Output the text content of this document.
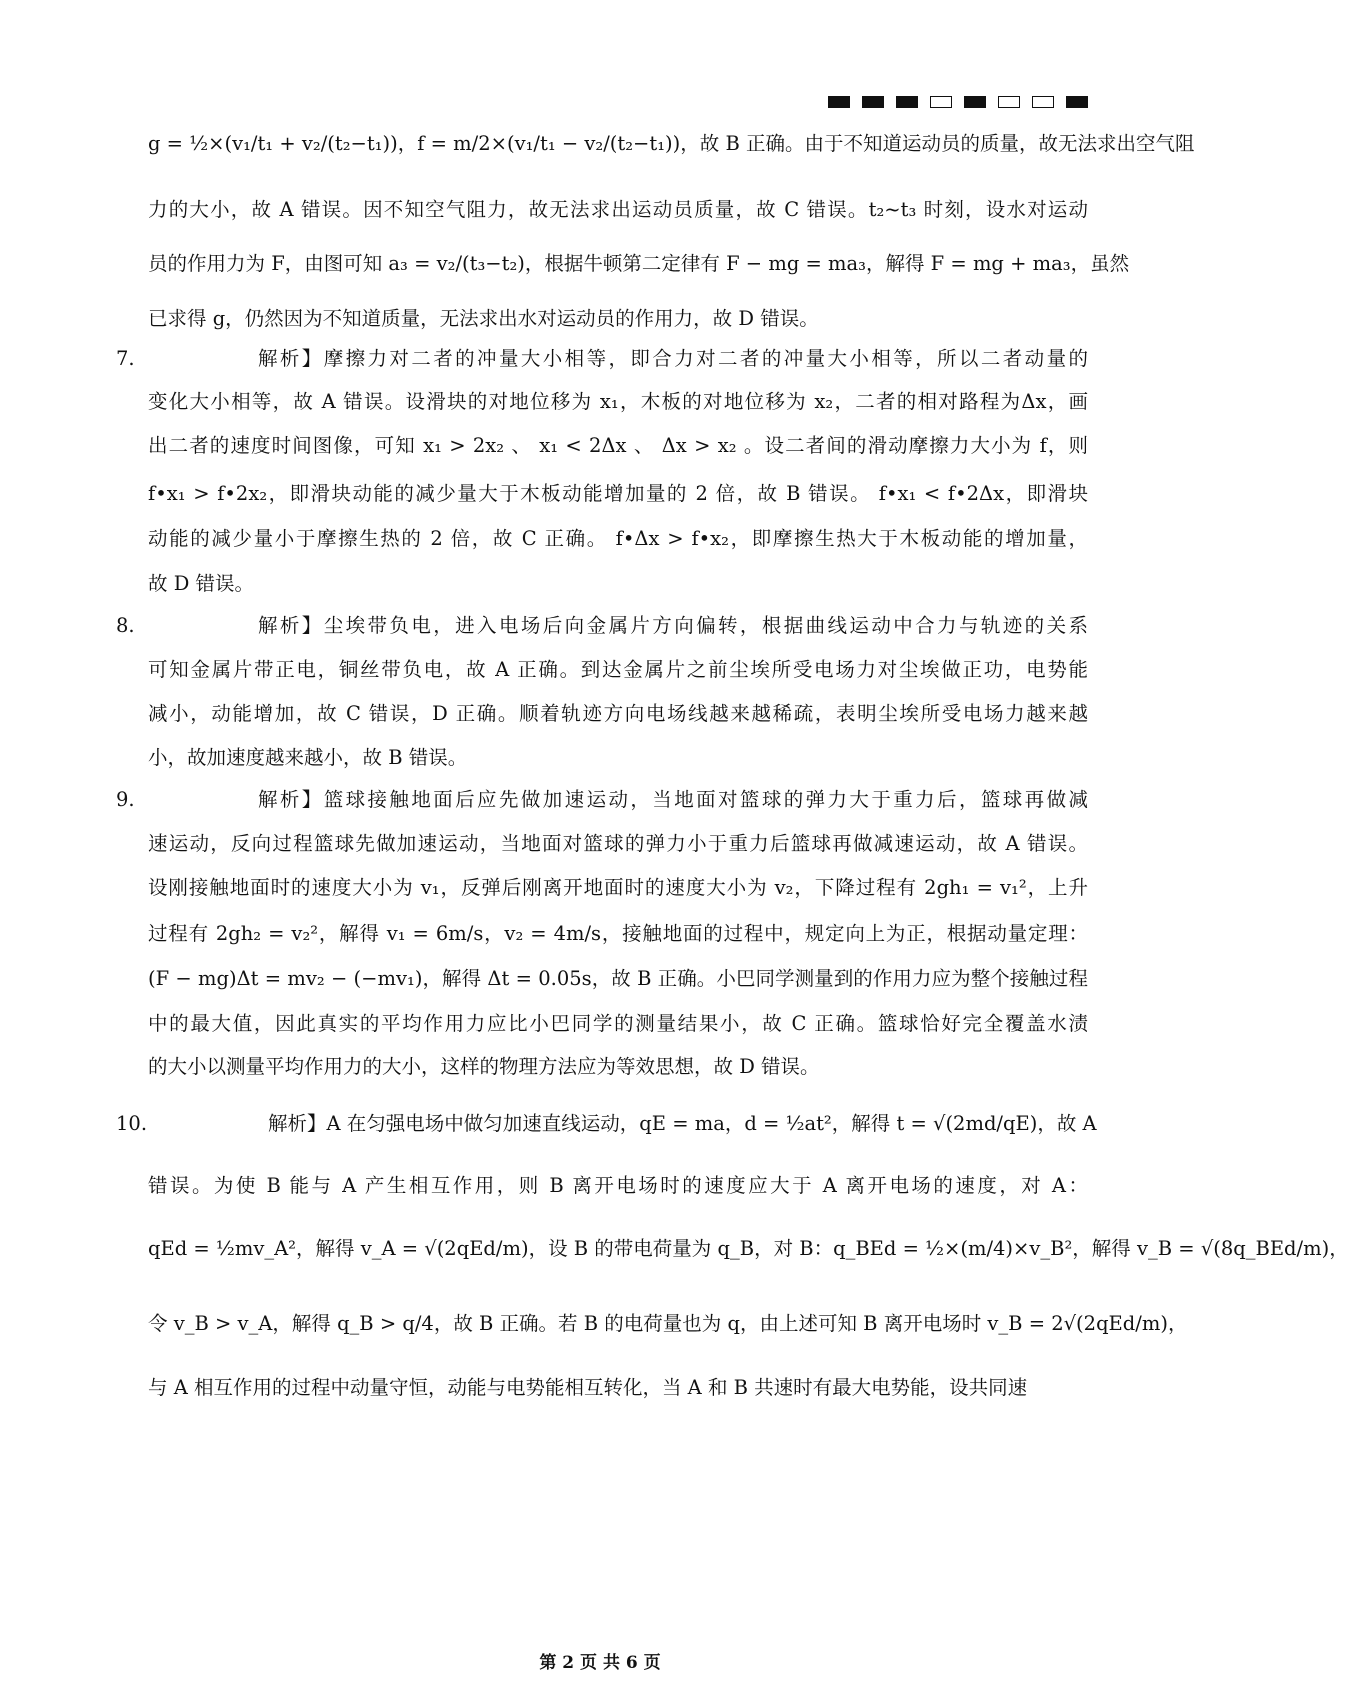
g = ½×(v₁/t₁ + v₂/(t₂−t₁))，f = m/2×(v₁/t₁ − v₂/(t₂−t₁))，故 B 正确。由于不知道运动员的质量，故无法求出空气阻
力的大小，故 A 错误。因不知空气阻力，故无法求出运动员质量，故 C 错误。t₂~t₃ 时刻，设水对运动
员的作用力为 F，由图可知 a₃ = v₂/(t₃−t₂)，根据牛顿第二定律有 F − mg = ma₃，解得 F = mg + ma₃，虽然
已求得 g，仍然因为不知道质量，无法求出水对运动员的作用力，故 D 错误。
7.	解析】摩擦力对二者的冲量大小相等，即合力对二者的冲量大小相等，所以二者动量的
变化大小相等，故 A 错误。设滑块的对地位移为 x₁，木板的对地位移为 x₂，二者的相对路程为Δx，画
出二者的速度时间图像，可知 x₁ > 2x₂ 、 x₁ < 2Δx 、 Δx > x₂ 。设二者间的滑动摩擦力大小为 f，则
f•x₁ > f•2x₂，即滑块动能的减少量大于木板动能增加量的 2 倍，故 B 错误。 f•x₁ < f•2Δx，即滑块
动能的减少量小于摩擦生热的 2 倍，故 C 正确。 f•Δx > f•x₂，即摩擦生热大于木板动能的增加量，
故 D 错误。
8.	解析】尘埃带负电，进入电场后向金属片方向偏转，根据曲线运动中合力与轨迹的关系
可知金属片带正电，铜丝带负电，故 A 正确。到达金属片之前尘埃所受电场力对尘埃做正功，电势能
减小，动能增加，故 C 错误，D 正确。顺着轨迹方向电场线越来越稀疏，表明尘埃所受电场力越来越
小，故加速度越来越小，故 B 错误。
9.	解析】篮球接触地面后应先做加速运动，当地面对篮球的弹力大于重力后，篮球再做减
速运动，反向过程篮球先做加速运动，当地面对篮球的弹力小于重力后篮球再做减速运动，故 A 错误。
设刚接触地面时的速度大小为 v₁，反弹后刚离开地面时的速度大小为 v₂，下降过程有 2gh₁ = v₁²，上升
过程有 2gh₂ = v₂²，解得 v₁ = 6m/s，v₂ = 4m/s，接触地面的过程中，规定向上为正，根据动量定理：
(F − mg)Δt = mv₂ − (−mv₁)，解得 Δt = 0.05s，故 B 正确。小巴同学测量到的作用力应为整个接触过程
中的最大值，因此真实的平均作用力应比小巴同学的测量结果小，故 C 正确。篮球恰好完全覆盖水渍
的大小以测量平均作用力的大小，这样的物理方法应为等效思想，故 D 错误。
10.	解析】A 在匀强电场中做匀加速直线运动，qE = ma，d = ½at²，解得 t = √(2md/qE)，故 A
错误。为使 B 能与 A 产生相互作用，则 B 离开电场时的速度应大于 A 离开电场的速度，对 A：
qEd = ½mv_A²，解得 v_A = √(2qEd/m)，设 B 的带电荷量为 q_B，对 B：q_BEd = ½×(m/4)×v_B²，解得 v_B = √(8q_BEd/m)，
令 v_B > v_A，解得 q_B > q/4，故 B 正确。若 B 的电荷量也为 q，由上述可知 B 离开电场时 v_B = 2√(2qEd/m)，
与 A 相互作用的过程中动量守恒，动能与电势能相互转化，当 A 和 B 共速时有最大电势能，设共同速
第 2 页 共 6 页
